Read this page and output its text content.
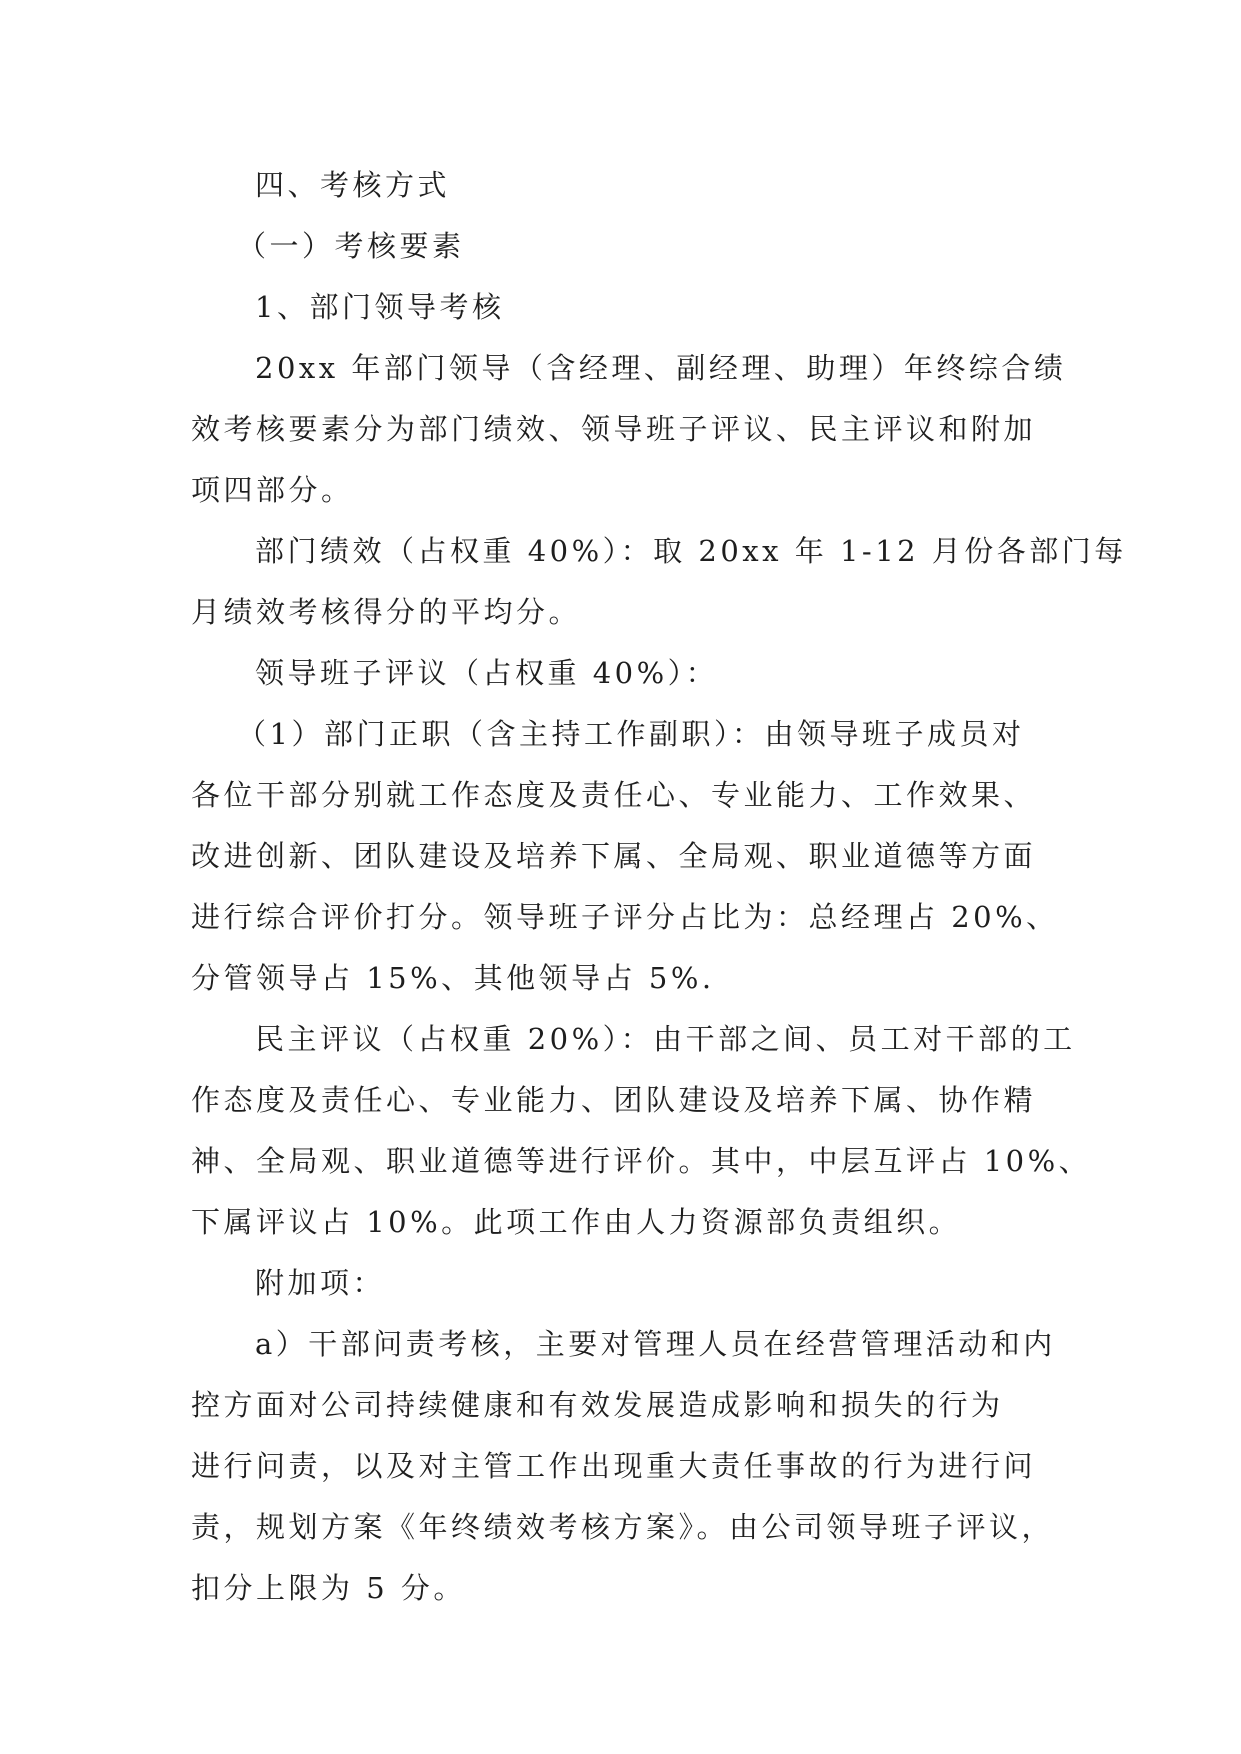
四、考核方式
（一）考核要素
1、部门领导考核
20xx 年部门领导（含经理、副经理、助理）年终综合绩
效考核要素分为部门绩效、领导班子评议、民主评议和附加
项四部分。
部门绩效（占权重 40%）：取 20xx 年 1-12 月份各部门每
月绩效考核得分的平均分。
领导班子评议（占权重 40%）：
（1）部门正职（含主持工作副职）：由领导班子成员对
各位干部分别就工作态度及责任心、专业能力、工作效果、
改进创新、团队建设及培养下属、全局观、职业道德等方面
进行综合评价打分。领导班子评分占比为：总经理占 20%、
分管领导占 15%、其他领导占 5%.
民主评议（占权重 20%）：由干部之间、员工对干部的工
作态度及责任心、专业能力、团队建设及培养下属、协作精
神、全局观、职业道德等进行评价。其中，中层互评占 10%、
下属评议占 10%。此项工作由人力资源部负责组织。
附加项：
a）干部问责考核，主要对管理人员在经营管理活动和内
控方面对公司持续健康和有效发展造成影响和损失的行为
进行问责，以及对主管工作出现重大责任事故的行为进行问
责，规划方案《年终绩效考核方案》。由公司领导班子评议，
扣分上限为 5 分。
